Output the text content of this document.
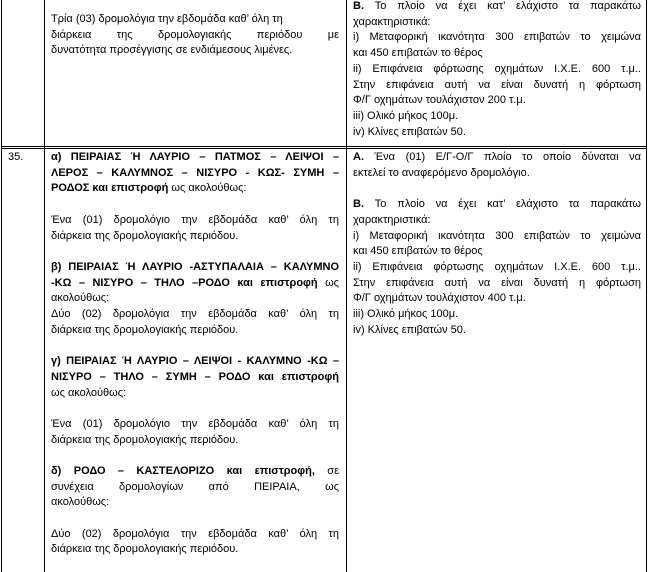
Τρία (03) δρομολόγια την εβδομάδα καθ’ όλη τη

διάρκεια της δρομολογιακής περιόδου με

δυνατότητα προσέγγισης σε ενδιάμεσους λιμένες.

B. Το πλοίο να έχει κατ’ ελάχιστο τα παρακάτω

χαρακτηριστικά:

i) Μεταφορική ικανότητα 300 επιβατών το χειμώνα

και 450 επιβατών το θέρος

ii) Επιφάνεια φόρτωσης οχημάτων Ι.Χ.Ε. 600 τ.μ..

Στην επιφάνεια αυτή να είναι δυνατή η φόρτωση

Φ/Γ οχημάτων τουλάχιστον 200 τ.μ.

iii) Ολικό μήκος 100μ.

iv) Κλίνες επιβατών 50.

35.	α) ΠΕΙΡΑΙΑΣ Ή ΛΑΥΡΙΟ – ΠΑΤΜΟΣ – ΛΕΙΨΟΙ –

ΛΕΡΟΣ – ΚΑΛΥΜΝΟΣ – ΝΙΣΥΡΟ - ΚΩΣ- ΣΥΜΗ –

ΡΟΔΟΣ και επιστροφή ως ακολούθως:

Ένα (01) δρομολόγιο την εβδομάδα καθ’ όλη τη

διάρκεια της δρομολογιακής περιόδου.

β) ΠΕΙΡΑΙΑΣ Ή ΛΑΥΡΙΟ -ΑΣΤΥΠΑΛΑΙΑ – ΚΑΛΥΜΝΟ

-ΚΩ – ΝΙΣΥΡΟ – ΤΗΛΟ –ΡΟΔΟ και επιστροφή ως

ακολούθως:

Δύο (02) δρομολόγια την εβδομάδα καθ’ όλη τη

διάρκεια της δρομολογιακής περιόδου.

γ) ΠΕΙΡΑΙΑΣ Ή ΛΑΥΡΙΟ – ΛΕΙΨΟΙ - ΚΑΛΥΜΝΟ -ΚΩ –

ΝΙΣΥΡΟ – ΤΗΛΟ – ΣΥΜΗ – ΡΟΔΟ και επιστροφή

ως ακολούθως:

Ένα (01) δρομολόγιο την εβδομάδα καθ’ όλη τη

διάρκεια της δρομολογιακής περιόδου.

δ) ΡΟΔΟ – ΚΑΣΤΕΛΟΡΙΖΟ και επιστροφή, σε

συνέχεια δρομολογίων από ΠΕΙΡΑΙΑ, ως

ακολούθως:

Δύο (02) δρομολόγια την εβδομάδα καθ’ όλη τη

διάρκεια της δρομολογιακής περιόδου.

A. Ένα (01) Ε/Γ-Ο/Γ πλοίο το οποίο δύναται να

εκτελεί το αναφερόμενο δρομολόγιο.

B. Το πλοίο να έχει κατ’ ελάχιστο τα παρακάτω

χαρακτηριστικά:

i) Μεταφορική ικανότητα 300 επιβατών το χειμώνα

και 450 επιβατών το θέρος

ii) Επιφάνεια φόρτωσης οχημάτων Ι.Χ.Ε. 600 τ.μ..

Στην επιφάνεια αυτή να είναι δυνατή η φόρτωση

Φ/Γ οχημάτων τουλάχιστον 400 τ.μ.

iii) Ολικό μήκος 100μ.

iv) Κλίνες επιβατών 50.
